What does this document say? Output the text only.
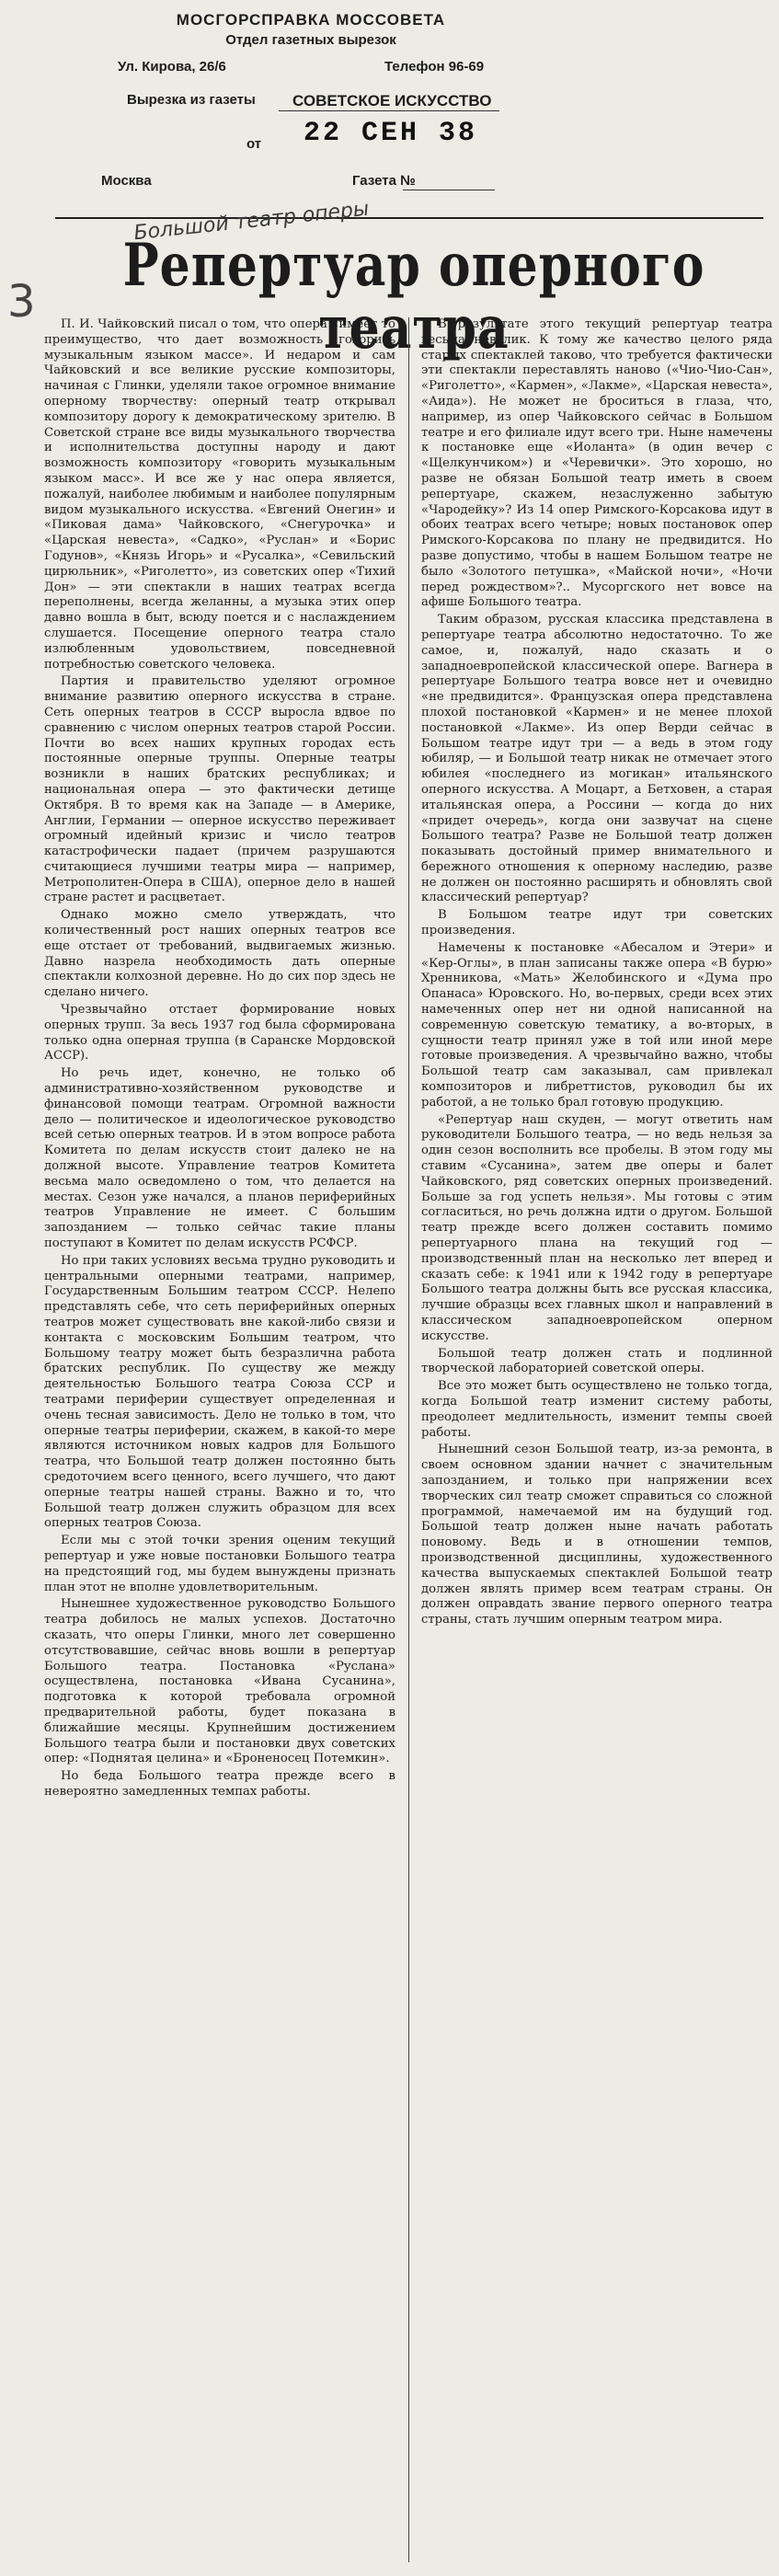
МОСГОРСПРАВКА МОССОВЕТА
Отдел газетных вырезок
Ул. Кирова, 26/6	Телефон 96-69
Вырезка из газеты СОВЕТСКОЕ ИСКУССТВО
от
Москва	Газета №
22 СЕН 38
Большой театр оперы
3
Репертуар оперного театра

П. И. Чайковский писал о том, что опера «имеет то преимущество, что дает возможность говорить музыкальным языком массе». И недаром и сам Чайковский и все великие русские композиторы, начиная с Глинки, уделяли такое огромное внимание оперному творчеству: оперный театр открывал композитору дорогу к демократическому зрителю. В Советской стране все виды музыкального творчества и исполнительства доступны народу и дают возможность композитору «говорить музыкальным языком масс». И все же у нас опера является, пожалуй, наиболее любимым и наиболее популярным видом музыкального искусства. «Евгений Онегин» и «Пиковая дама» Чайковского, «Снегурочка» и «Царская невеста», «Садко», «Руслан» и «Борис Годунов», «Князь Игорь» и «Русалка», «Севильский цирюльник», «Риголетто», из советских опер «Тихий Дон» — эти спектакли в наших театрах всегда переполнены, всегда желанны, а музыка этих опер давно вошла в быт, всюду поется и с наслаждением слушается. Посещение оперного театра стало излюбленным удовольствием, повседневной потребностью советского человека.

Партия и правительство уделяют огромное внимание развитию оперного искусства в стране. Сеть оперных театров в СССР выросла вдвое по сравнению с числом оперных театров старой России. Почти во всех наших крупных городах есть постоянные оперные труппы. Оперные театры возникли в наших братских республиках; и национальная опера — это фактически детище Октября. В то время как на Западе — в Америке, Англии, Германии — оперное искусство переживает огромный идейный кризис и число театров катастрофически падает (причем разрушаются считающиеся лучшими театры мира — например, Метрополитен-Опера в США), оперное дело в нашей стране растет и расцветает.

Однако можно смело утверждать, что количественный рост наших оперных театров все еще отстает от требований, выдвигаемых жизнью. Давно назрела необходимость дать оперные спектакли колхозной деревне. Но до сих пор здесь не сделано ничего.

Чрезвычайно отстает формирование новых оперных трупп. За весь 1937 год была сформирована только одна оперная труппа (в Саранске Мордовской АССР).

Но речь идет, конечно, не только об административно-хозяйственном руководстве и финансовой помощи театрам. Огромной важности дело — политическое и идеологическое руководство всей сетью оперных театров. И в этом вопросе работа Комитета по делам искусств стоит далеко не на должной высоте. Управление театров Комитета весьма мало осведомлено о том, что делается на местах. Сезон уже начался, а планов периферийных театров Управление не имеет. С большим запозданием — только сейчас такие планы поступают в Комитет по делам искусств РСФСР.

Но при таких условиях весьма трудно руководить и центральными оперными театрами, например, Государственным Большим театром СССР. Нелепо представлять себе, что сеть периферийных оперных театров может существовать вне какой-либо связи и контакта с московским Большим театром, что Большому театру может быть безразлична работа братских республик. По существу же между деятельностью Большого театра Союза ССР и театрами периферии существует определенная и очень тесная зависимость. Дело не только в том, что оперные театры периферии, скажем, в какой-то мере являются источником новых кадров для Большого театра, что Большой театр должен постоянно быть средоточием всего ценного, всего лучшего, что дают оперные театры нашей страны. Важно и то, что Большой театр должен служить образцом для всех оперных театров Союза.

Если мы с этой точки зрения оценим текущий репертуар и уже новые постановки Большого театра на предстоящий год, мы будем вынуждены признать план этот не вполне удовлетворительным.

Нынешнее художественное руководство Большого театра добилось не малых успехов. Достаточно сказать, что оперы Глинки, много лет совершенно отсутствовавшие, сейчас вновь вошли в репертуар Большого театра. Постановка «Руслана» осуществлена, постановка «Ивана Сусанина», подготовка к которой требовала огромной предварительной работы, будет показана в ближайшие месяцы. Крупнейшим достижением Большого театра были и постановки двух советских опер: «Поднятая целина» и «Броненосец Потемкин».

Но беда Большого театра прежде всего в невероятно замедленных темпах работы.

В результате этого текущий репертуар театра весьма невелик. К тому же качество целого ряда старых спектаклей таково, что требуется фактически эти спектакли переставлять наново («Чио-Чио-Сан», «Риголетто», «Кармен», «Лакме», «Царская невеста», «Аида»). Не может не броситься в глаза, что, например, из опер Чайковского сейчас в Большом театре и его филиале идут всего три. Ныне намечены к постановке еще «Иоланта» (в один вечер с «Щелкунчиком») и «Черевички». Это хорошо, но разве не обязан Большой театр иметь в своем репертуаре, скажем, незаслуженно забытую «Чародейку»? Из 14 опер Римского-Корсакова идут в обоих театрах всего четыре; новых постановок опер Римского-Корсакова по плану не предвидится. Но разве допустимо, чтобы в нашем Большом театре не было «Золотого петушка», «Майской ночи», «Ночи перед рождеством»?.. Мусоргского нет вовсе на афише Большого театра.

Таким образом, русская классика представлена в репертуаре театра абсолютно недостаточно. То же самое, и, пожалуй, надо сказать и о западноевропейской классической опере. Вагнера в репертуаре Большого театра вовсе нет и очевидно «не предвидится». Французская опера представлена плохой постановкой «Кармен» и не менее плохой постановкой «Лакме». Из опер Верди сейчас в Большом театре идут три — а ведь в этом году юбиляр, — и Большой театр никак не отмечает этого юбилея «последнего из могикан» итальянского оперного искусства. А Моцарт, а Бетховен, а старая итальянская опера, а Россини — когда до них «придет очередь», когда они зазвучат на сцене Большого театра? Разве не Большой театр должен показывать достойный пример внимательного и бережного отношения к оперному наследию, разве не должен он постоянно расширять и обновлять свой классический репертуар?

В Большом театре идут три советских произведения.

Намечены к постановке «Абесалом и Этери» и «Кер-Оглы», в план записаны также опера «В бурю» Хренникова, «Мать» Желобинского и «Дума про Опанаса» Юровского. Но, во-первых, среди всех этих намеченных опер нет ни одной написанной на современную советскую тематику, а во-вторых, в сущности театр принял уже в той или иной мере готовые произведения. А чрезвычайно важно, чтобы Большой театр сам заказывал, сам привлекал композиторов и либреттистов, руководил бы их работой, а не только брал готовую продукцию.

«Репертуар наш скуден, — могут ответить нам руководители Большого театра, — но ведь нельзя за один сезон восполнить все пробелы. В этом году мы ставим «Сусанина», затем две оперы и балет Чайковского, ряд советских оперных произведений. Больше за год успеть нельзя». Мы готовы с этим согласиться, но речь должна идти о другом. Большой театр прежде всего должен составить помимо репертуарного плана на текущий год — производственный план на несколько лет вперед и сказать себе: к 1941 или к 1942 году в репертуаре Большого театра должны быть все русская классика, лучшие образцы всех главных школ и направлений в классическом западноевропейском оперном искусстве.

Большой театр должен стать и подлинной творческой лабораторией советской оперы.

Все это может быть осуществлено не только тогда, когда Большой театр изменит систему работы, преодолеет медлительность, изменит темпы своей работы.

Нынешний сезон Большой театр, из-за ремонта, в своем основном здании начнет с значительным запозданием, и только при напряжении всех творческих сил театр сможет справиться со сложной программой, намечаемой им на будущий год. Большой театр должен ныне начать работать поновому. Ведь и в отношении темпов, производственной дисциплины, художественного качества выпускаемых спектаклей Большой театр должен являть пример всем театрам страны. Он должен оправдать звание первого оперного театра страны, стать лучшим оперным театром мира.
